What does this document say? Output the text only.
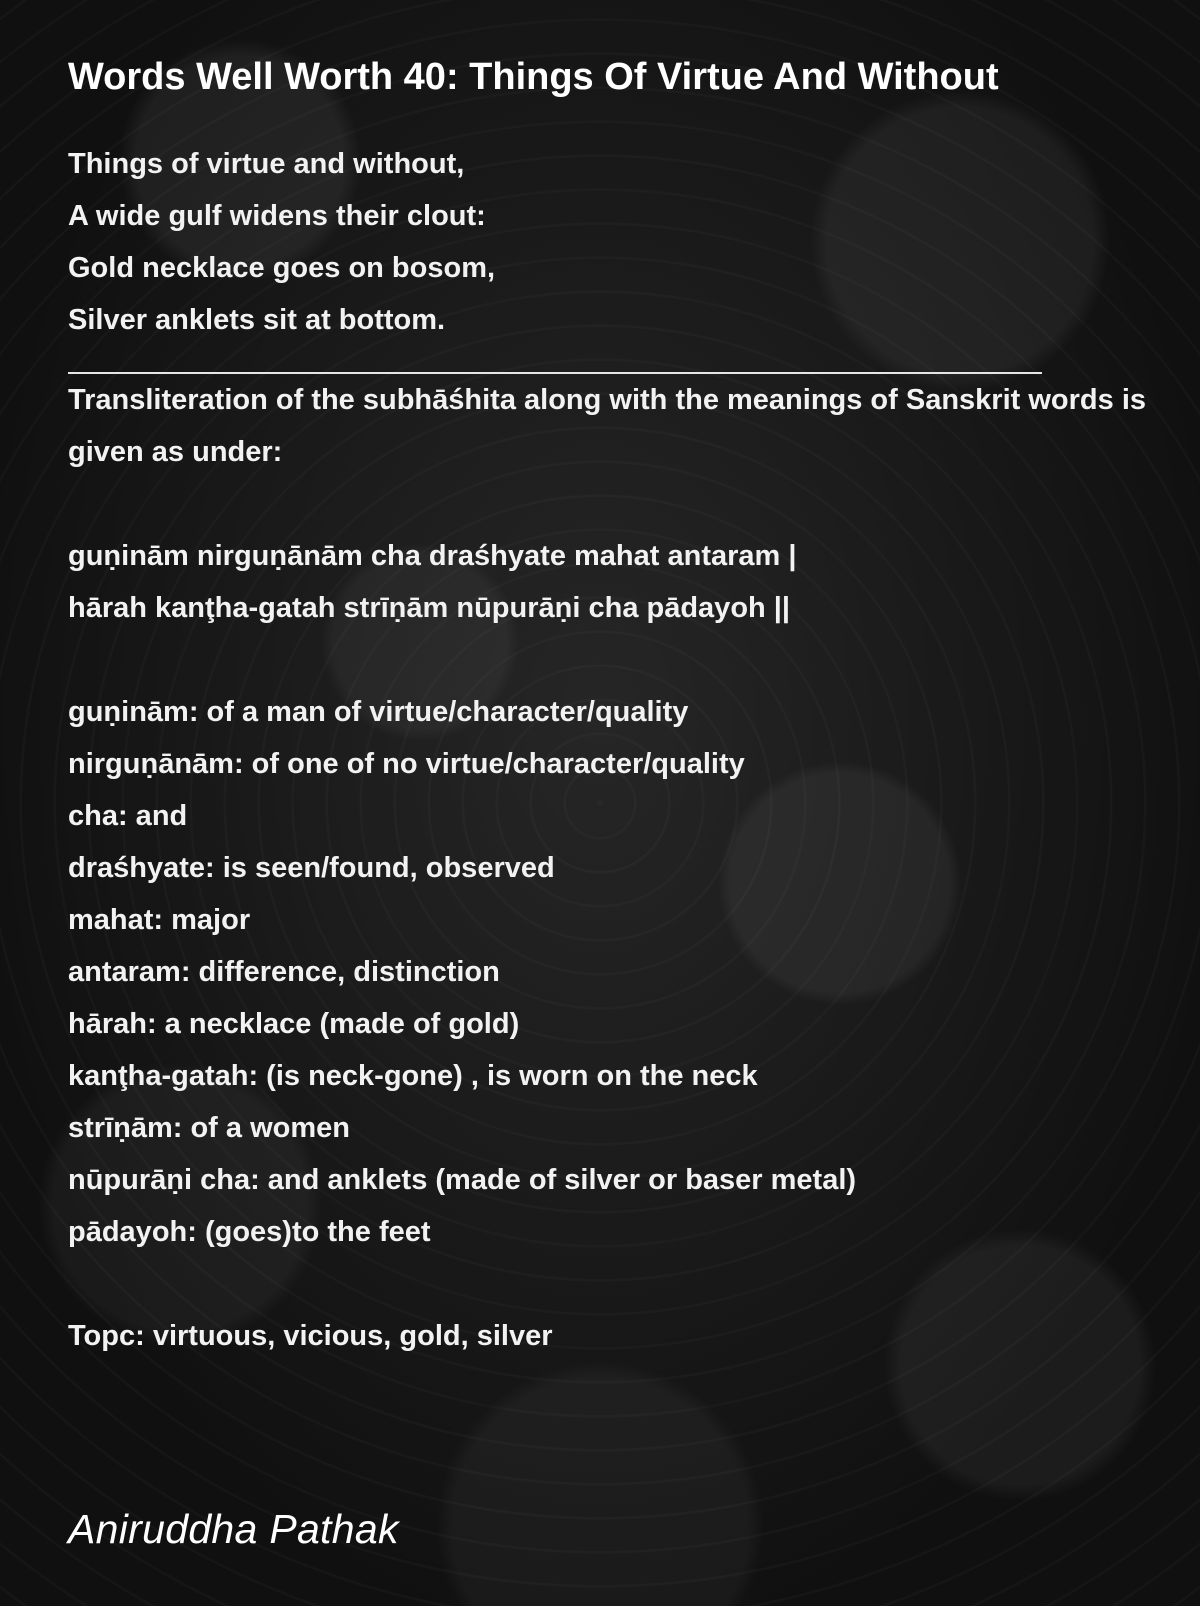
Words Well Worth 40: Things Of Virtue And Without
Things of virtue and without,
A wide gulf widens their clout:
Gold necklace goes on bosom,
Silver anklets sit at bottom.
Transliteration of the subhāśhita along with the meanings of Sanskrit words is given as under:
guṇinām nirguṇānām cha draśhyate mahat antaram |
hārah kanţha-gatah strīṇām nūpurāṇi cha pādayoh ||
guṇinām: of a man of virtue/character/quality
nirguṇānām: of one of no virtue/character/quality
cha: and
draśhyate: is seen/found, observed
mahat: major
antaram: difference, distinction
hārah: a necklace (made of gold)
kanţha-gatah: (is neck-gone) , is worn on the neck
strīṇām: of a women
nūpurāṇi cha: and anklets (made of silver or baser metal)
pādayoh: (goes)to the feet
Topc: virtuous, vicious, gold, silver
Aniruddha Pathak
